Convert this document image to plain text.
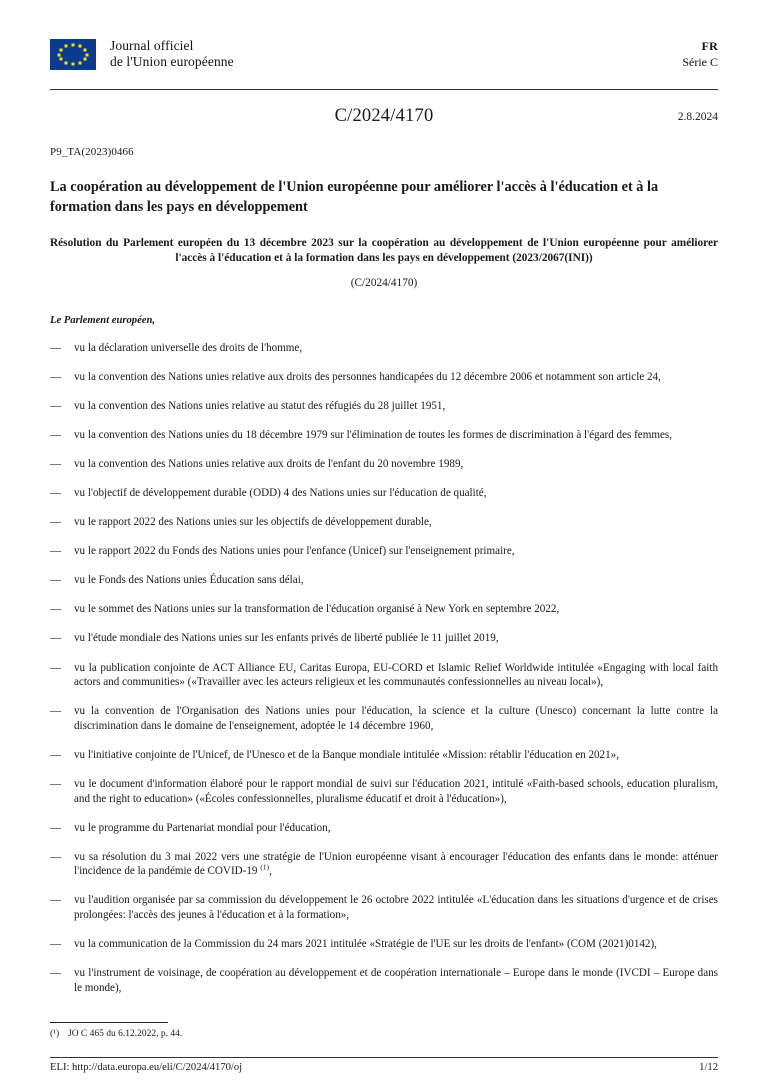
Journal officiel
de l'Union européenne
FR
Série C
C/2024/4170	2.8.2024
P9_TA(2023)0466
La coopération au développement de l'Union européenne pour améliorer l'accès à l'éducation et à la formation dans les pays en développement

Résolution du Parlement européen du 13 décembre 2023 sur la coopération au développement de l'Union européenne pour améliorer l'accès à l'éducation et à la formation dans les pays en développement (2023/2067(INI))

(C/2024/4170)

Le Parlement européen,
—	vu la déclaration universelle des droits de l'homme,
—	vu la convention des Nations unies relative aux droits des personnes handicapées du 12 décembre 2006 et notamment son article 24,
—	vu la convention des Nations unies relative au statut des réfugiés du 28 juillet 1951,
—	vu la convention des Nations unies du 18 décembre 1979 sur l'élimination de toutes les formes de discrimination à l'égard des femmes,
—	vu la convention des Nations unies relative aux droits de l'enfant du 20 novembre 1989,
—	vu l'objectif de développement durable (ODD) 4 des Nations unies sur l'éducation de qualité,
—	vu le rapport 2022 des Nations unies sur les objectifs de développement durable,
—	vu le rapport 2022 du Fonds des Nations unies pour l'enfance (Unicef) sur l'enseignement primaire,
—	vu le Fonds des Nations unies Éducation sans délai,
—	vu le sommet des Nations unies sur la transformation de l'éducation organisé à New York en septembre 2022,
—	vu l'étude mondiale des Nations unies sur les enfants privés de liberté publiée le 11 juillet 2019,
—	vu la publication conjointe de ACT Alliance EU, Caritas Europa, EU-CORD et Islamic Relief Worldwide intitulée «Engaging with local faith actors and communities» («Travailler avec les acteurs religieux et les communautés confessionnelles au niveau local»),
—	vu la convention de l'Organisation des Nations unies pour l'éducation, la science et la culture (Unesco) concernant la lutte contre la discrimination dans le domaine de l'enseignement, adoptée le 14 décembre 1960,
—	vu l'initiative conjointe de l'Unicef, de l'Unesco et de la Banque mondiale intitulée «Mission: rétablir l'éducation en 2021»,
—	vu le document d'information élaboré pour le rapport mondial de suivi sur l'éducation 2021, intitulé «Faith-based schools, education pluralism, and the right to education» («Écoles confessionnelles, pluralisme éducatif et droit à l'éducation»),
—	vu le programme du Partenariat mondial pour l'éducation,
—	vu sa résolution du 3 mai 2022 vers une stratégie de l'Union européenne visant à encourager l'éducation des enfants dans le monde: atténuer l'incidence de la pandémie de COVID-19 $^{(1)}$,
—	vu l'audition organisée par sa commission du développement le 26 octobre 2022 intitulée «L'éducation dans les situations d'urgence et de crises prolongées: l'accès des jeunes à l'éducation et à la formation»,
—	vu la communication de la Commission du 24 mars 2021 intitulée «Stratégie de l'UE sur les droits de l'enfant» (COM (2021)0142),
—	vu l'instrument de voisinage, de coopération au développement et de coopération internationale – Europe dans le monde (IVCDI – Europe dans le monde),
(¹) JO C 465 du 6.12.2022, p. 44.
ELI: http://data.europa.eu/eli/C/2024/4170/oj	1/12
